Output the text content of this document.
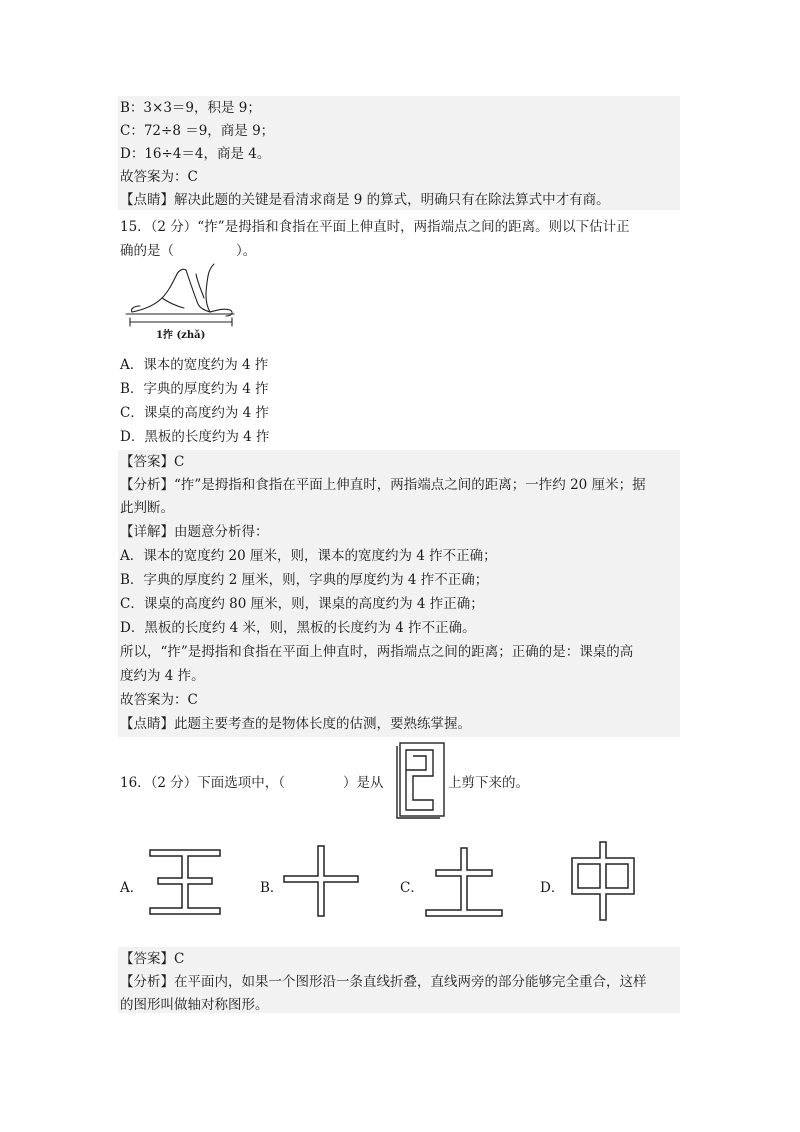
B：3×3＝9，积是 9；
C：72÷8 ＝9，商是 9；
D：16÷4＝4，商是 4。
故答案为：C
【点睛】解决此题的关键是看清求商是 9 的算式，明确只有在除法算式中才有商。
15．（2 分）“拃”是拇指和食指在平面上伸直时，两指端点之间的距离。则以下估计正
确的是（	）。
1拃 (zhǎ)
A．课本的宽度约为 4 拃
B．字典的厚度约为 4 拃
C．课桌的高度约为 4 拃
D．黑板的长度约为 4 拃
【答案】C
【分析】“拃”是拇指和食指在平面上伸直时，两指端点之间的距离；一拃约 20 厘米；据
此判断。
【详解】由题意分析得：
A．课本的宽度约 20 厘米，则，课本的宽度约为 4 拃不正确；
B．字典的厚度约 2 厘米，则，字典的厚度约为 4 拃不正确；
C．课桌的高度约 80 厘米，则，课桌的高度约为 4 拃正确；
D．黑板的长度约 4 米，则，黑板的长度约为 4 拃不正确。
所以，“拃”是拇指和食指在平面上伸直时，两指端点之间的距离；正确的是：课桌的高
度约为 4 拃。
故答案为：C
【点睛】此题主要考查的是物体长度的估测，要熟练掌握。
16．（2 分）下面选项中，（	）是从	上剪下来的。
A．	B．	C．	D．
【答案】C
【分析】在平面内，如果一个图形沿一条直线折叠，直线两旁的部分能够完全重合，这样
的图形叫做轴对称图形。
